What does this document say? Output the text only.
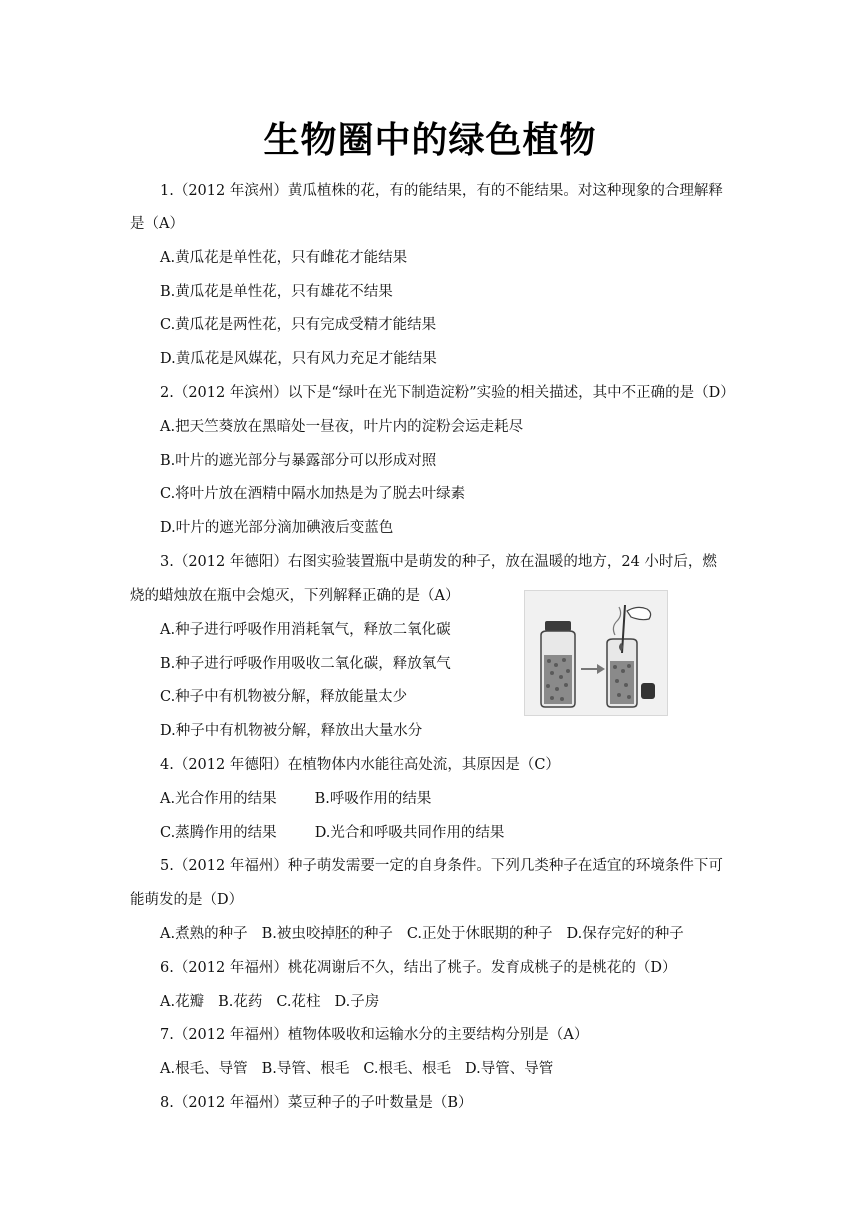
生物圈中的绿色植物
1.（2012 年滨州）黄瓜植株的花，有的能结果，有的不能结果。对这种现象的合理解释
是（A）
A.黄瓜花是单性花，只有雌花才能结果
B.黄瓜花是单性花，只有雄花不结果
C.黄瓜花是两性花，只有完成受精才能结果
D.黄瓜花是风媒花，只有风力充足才能结果
2.（2012 年滨州）以下是“绿叶在光下制造淀粉”实验的相关描述，其中不正确的是（D）
A.把天竺葵放在黑暗处一昼夜，叶片内的淀粉会运走耗尽
B.叶片的遮光部分与暴露部分可以形成对照
C.将叶片放在酒精中隔水加热是为了脱去叶绿素
D.叶片的遮光部分滴加碘液后变蓝色
3.（2012 年德阳）右图实验装置瓶中是萌发的种子，放在温暖的地方，24 小时后，燃
烧的蜡烛放在瓶中会熄灭，下列解释正确的是（A）
A.种子进行呼吸作用消耗氧气，释放二氧化碳
B.种子进行呼吸作用吸收二氧化碳，释放氧气
C.种子中有机物被分解，释放能量太少
D.种子中有机物被分解，释放出大量水分
4.（2012 年德阳）在植物体内水能往高处流，其原因是（C）
A.光合作用的结果	B.呼吸作用的结果
C.蒸腾作用的结果	D.光合和呼吸共同作用的结果
5.（2012 年福州）种子萌发需要一定的自身条件。下列几类种子在适宜的环境条件下可
能萌发的是（D）
A.煮熟的种子 B.被虫咬掉胚的种子 C.正处于休眠期的种子 D.保存完好的种子
6.（2012 年福州）桃花凋谢后不久，结出了桃子。发育成桃子的是桃花的（D）
A.花瓣 B.花药 C.花柱 D.子房
7.（2012 年福州）植物体吸收和运输水分的主要结构分别是（A）
A.根毛、导管 B.导管、根毛 C.根毛、根毛 D.导管、导管
8.（2012 年福州）菜豆种子的子叶数量是（B）
